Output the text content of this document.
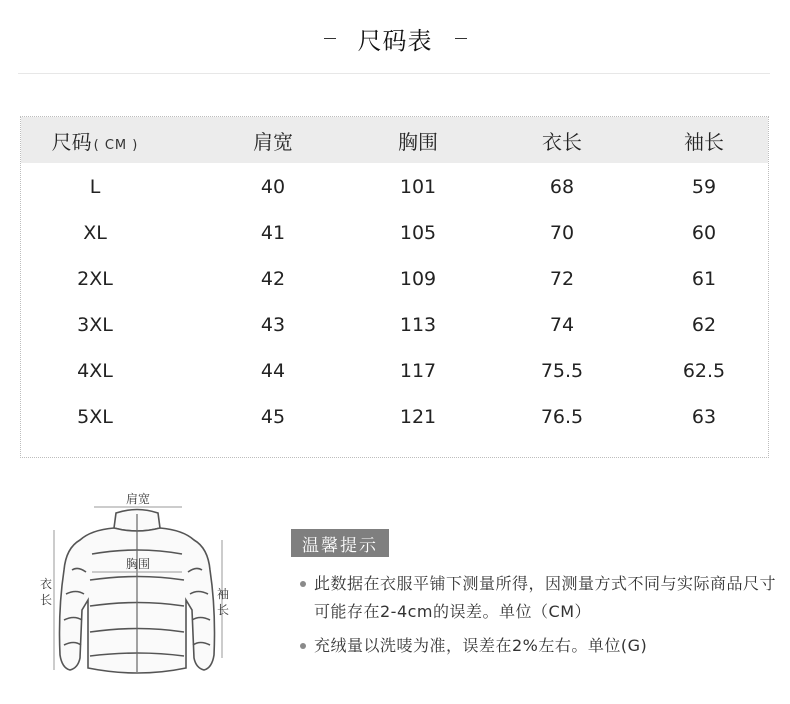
尺码表
尺码 ( CM )	肩宽	胸围	衣长	袖长
L	40	101	68	59
XL	41	105	70	60
2XL	42	109	72	61
3XL	43	113	74	62
4XL	44	117	75.5	62.5
5XL	45	121	76.5	63
肩宽
胸围
衣
长	袖
长
温馨提示
此数据在衣服平铺下测量所得，因测量方式不同与实际商品尺寸可能存在2-4cm的误差。单位（CM）
充绒量以洗唛为准，误差在2%左右。单位(G)
